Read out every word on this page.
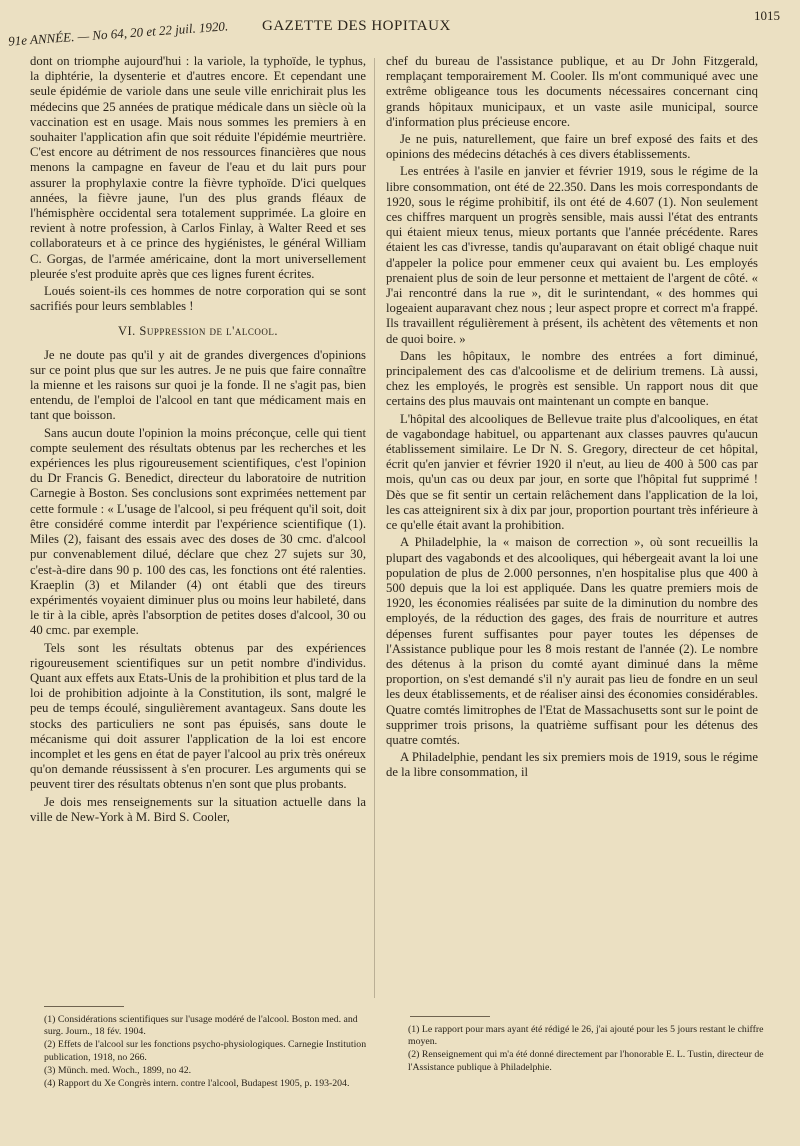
91e ANNÉE. — No 64, 20 et 22 juil. 1920. GAZETTE DES HOPITAUX
1015

dont on triomphe aujourd'hui : la variole, la typhoïde, le typhus, la diphtérie, la dysenterie et d'autres encore. Et cependant une seule épidémie de variole dans une seule ville enrichirait plus les médecins que 25 années de pratique médicale dans un siècle où la vaccination est en usage. Mais nous sommes les premiers à en souhaiter l'application afin que soit réduite l'épidémie meurtrière. C'est encore au détriment de nos ressources financières que nous menons la campagne en faveur de l'eau et du lait purs pour assurer la prophylaxie contre la fièvre typhoïde. D'ici quelques années, la fièvre jaune, l'un des plus grands fléaux de l'hémisphère occidental sera totalement supprimée. La gloire en revient à notre profession, à Carlos Finlay, à Walter Reed et ses collaborateurs et à ce prince des hygiénistes, le général William C. Gorgas, de l'armée américaine, dont la mort universellement pleurée s'est produite après que ces lignes furent écrites.

Loués soient-ils ces hommes de notre corporation qui se sont sacrifiés pour leurs semblables !

VI. Suppression de l'alcool.

Je ne doute pas qu'il y ait de grandes divergences d'opinions sur ce point plus que sur les autres. Je ne puis que faire connaître la mienne et les raisons sur quoi je la fonde. Il ne s'agit pas, bien entendu, de l'emploi de l'alcool en tant que médicament mais en tant que boisson.

Sans aucun doute l'opinion la moins préconçue, celle qui tient compte seulement des résultats obtenus par les recherches et les expériences les plus rigoureusement scientifiques, c'est l'opinion du Dr Francis G. Benedict, directeur du laboratoire de nutrition Carnegie à Boston. Ses conclusions sont exprimées nettement par cette formule : « L'usage de l'alcool, si peu fréquent qu'il soit, doit être considéré comme interdit par l'expérience scientifique (1). Miles (2), faisant des essais avec des doses de 30 cmc. d'alcool pur convenablement dilué, déclare que chez 27 sujets sur 30, c'est-à-dire dans 90 p. 100 des cas, les fonctions ont été ralenties. Kraeplin (3) et Milander (4) ont établi que des tireurs expérimentés voyaient diminuer plus ou moins leur habileté, dans le tir à la cible, après l'absorption de petites doses d'alcool, 30 ou 40 cmc. par exemple.

Tels sont les résultats obtenus par des expériences rigoureusement scientifiques sur un petit nombre d'individus. Quant aux effets aux Etats-Unis de la prohibition et plus tard de la loi de prohibition adjointe à la Constitution, ils sont, malgré le peu de temps écoulé, singulièrement avantageux. Sans doute les stocks des particuliers ne sont pas épuisés, sans doute le mécanisme qui doit assurer l'application de la loi est encore incomplet et les gens en état de payer l'alcool au prix très onéreux qu'on demande réussissent à s'en procurer. Les arguments qui se peuvent tirer des résultats obtenus n'en sont que plus probants.

Je dois mes renseignements sur la situation actuelle dans la ville de New-York à M. Bird S. Cooler,

chef du bureau de l'assistance publique, et au Dr John Fitzgerald, remplaçant temporairement M. Cooler. Ils m'ont communiqué avec une extrême obligeance tous les documents nécessaires concernant cinq grands hôpitaux municipaux, et un vaste asile municipal, source d'information plus précieuse encore.

Je ne puis, naturellement, que faire un bref exposé des faits et des opinions des médecins détachés à ces divers établissements.

Les entrées à l'asile en janvier et février 1919, sous le régime de la libre consommation, ont été de 22.350. Dans les mois correspondants de 1920, sous le régime prohibitif, ils ont été de 4.607 (1). Non seulement ces chiffres marquent un progrès sensible, mais aussi l'état des entrants qui étaient mieux tenus, mieux portants que l'année précédente. Rares étaient les cas d'ivresse, tandis qu'auparavant on était obligé chaque nuit d'appeler la police pour emmener ceux qui avaient bu. Les employés prenaient plus de soin de leur personne et mettaient de l'argent de côté. « J'ai rencontré dans la rue », dit le surintendant, « des hommes qui logeaient auparavant chez nous ; leur aspect propre et correct m'a frappé. Ils travaillent régulièrement à présent, ils achètent des vêtements et non de quoi boire. »

Dans les hôpitaux, le nombre des entrées a fort diminué, principalement des cas d'alcoolisme et de delirium tremens. Là aussi, chez les employés, le progrès est sensible. Un rapport nous dit que certains des plus mauvais ont maintenant un compte en banque.

L'hôpital des alcooliques de Bellevue traite plus d'alcooliques, en état de vagabondage habituel, ou appartenant aux classes pauvres qu'aucun établissement similaire. Le Dr N. S. Gregory, directeur de cet hôpital, écrit qu'en janvier et février 1920 il n'eut, au lieu de 400 à 500 cas par mois, qu'un cas ou deux par jour, en sorte que l'hôpital fut supprimé ! Dès que se fit sentir un certain relâchement dans l'application de la loi, les cas atteignirent six à dix par jour, proportion pourtant très inférieure à ce qu'elle était avant la prohibition.

A Philadelphie, la « maison de correction », où sont recueillis la plupart des vagabonds et des alcooliques, qui hébergeait avant la loi une population de plus de 2.000 personnes, n'en hospitalise plus que 400 à 500 depuis que la loi est appliquée. Dans les quatre premiers mois de 1920, les économies réalisées par suite de la diminution du nombre des employés, de la réduction des gages, des frais de nourriture et autres dépenses furent suffisantes pour payer toutes les dépenses de l'Assistance publique pour les 8 mois restant de l'année (2). Le nombre des détenus à la prison du comté ayant diminué dans la même proportion, on s'est demandé s'il n'y aurait pas lieu de fondre en un seul les deux établissements, et de réaliser ainsi des économies considérables. Quatre comtés limitrophes de l'Etat de Massachusetts sont sur le point de supprimer trois prisons, la quatrième suffisant pour les détenus des quatre comtés.

A Philadelphie, pendant les six premiers mois de 1919, sous le régime de la libre consommation, il

(1) Considérations scientifiques sur l'usage modéré de l'alcool. Boston med. and surg. Journ., 18 fév. 1904.
(2) Effets de l'alcool sur les fonctions psycho-physiologiques. Carnegie Institution publication, 1918, no 266.
(3) Münch. med. Woch., 1899, no 42.
(4) Rapport du Xe Congrès intern. contre l'alcool, Budapest 1905, p. 193-204.
(1) Le rapport pour mars ayant été rédigé le 26, j'ai ajouté pour les 5 jours restant le chiffre moyen.
(2) Renseignement qui m'a été donné directement par l'honorable E. L. Tustin, directeur de l'Assistance publique à Philadelphie.
